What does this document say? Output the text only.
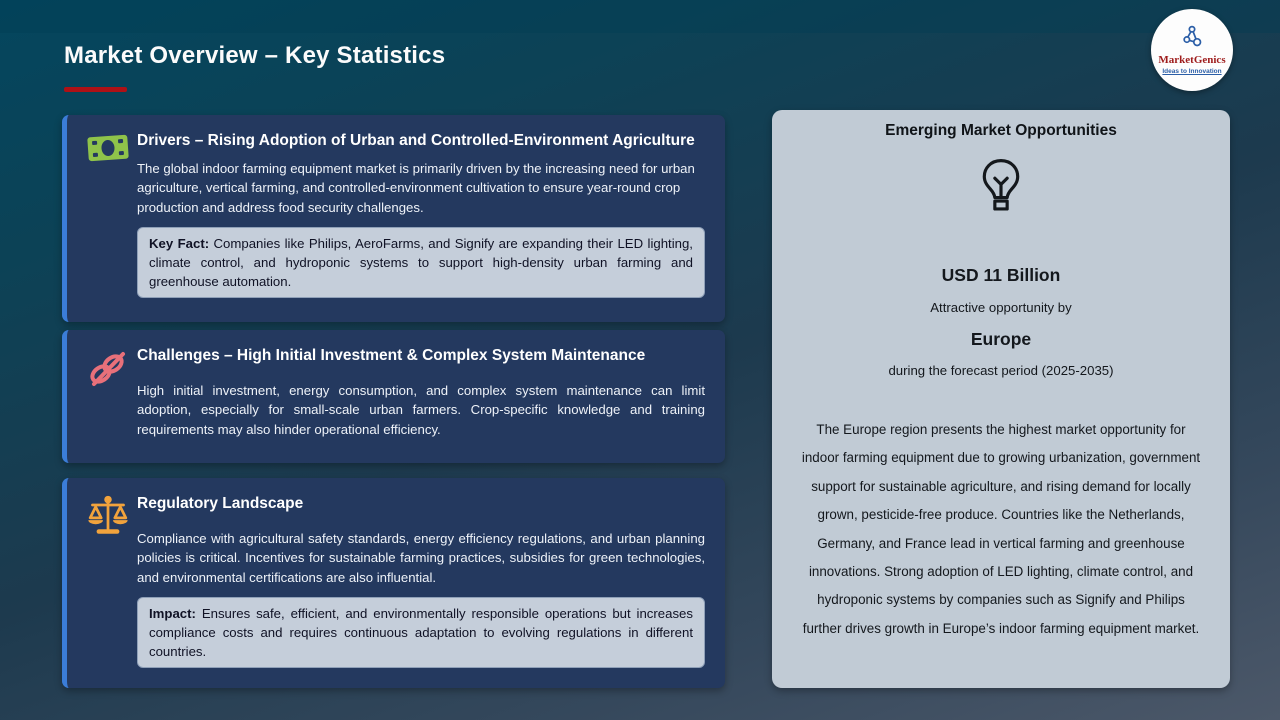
Market Overview – Key Statistics	MarketGenics
Ideas to Innovation
Drivers – Rising Adoption of Urban and Controlled-Environment Agriculture
The global indoor farming equipment market is primarily driven by the increasing need for urban agriculture, vertical farming, and controlled-environment cultivation to ensure year-round crop production and address food security challenges.
Key Fact: Companies like Philips, AeroFarms, and Signify are expanding their LED lighting, climate control, and hydroponic systems to support high-density urban farming and greenhouse automation.
Challenges – High Initial Investment & Complex System Maintenance
High initial investment, energy consumption, and complex system maintenance can limit adoption, especially for small-scale urban farmers. Crop-specific knowledge and training requirements may also hinder operational efficiency.
Regulatory Landscape
Compliance with agricultural safety standards, energy efficiency regulations, and urban planning policies is critical. Incentives for sustainable farming practices, subsidies for green technologies, and environmental certifications are also influential.
Impact: Ensures safe, efficient, and environmentally responsible operations but increases compliance costs and requires continuous adaptation to evolving regulations in different countries.
Emerging Market Opportunities
USD 11 Billion
Attractive opportunity by
Europe
during the forecast period (2025-2035)
The Europe region presents the highest market opportunity for indoor farming equipment due to growing urbanization, government support for sustainable agriculture, and rising demand for locally grown, pesticide-free produce. Countries like the Netherlands, Germany, and France lead in vertical farming and greenhouse innovations. Strong adoption of LED lighting, climate control, and hydroponic systems by companies such as Signify and Philips further drives growth in Europe’s indoor farming equipment market.
